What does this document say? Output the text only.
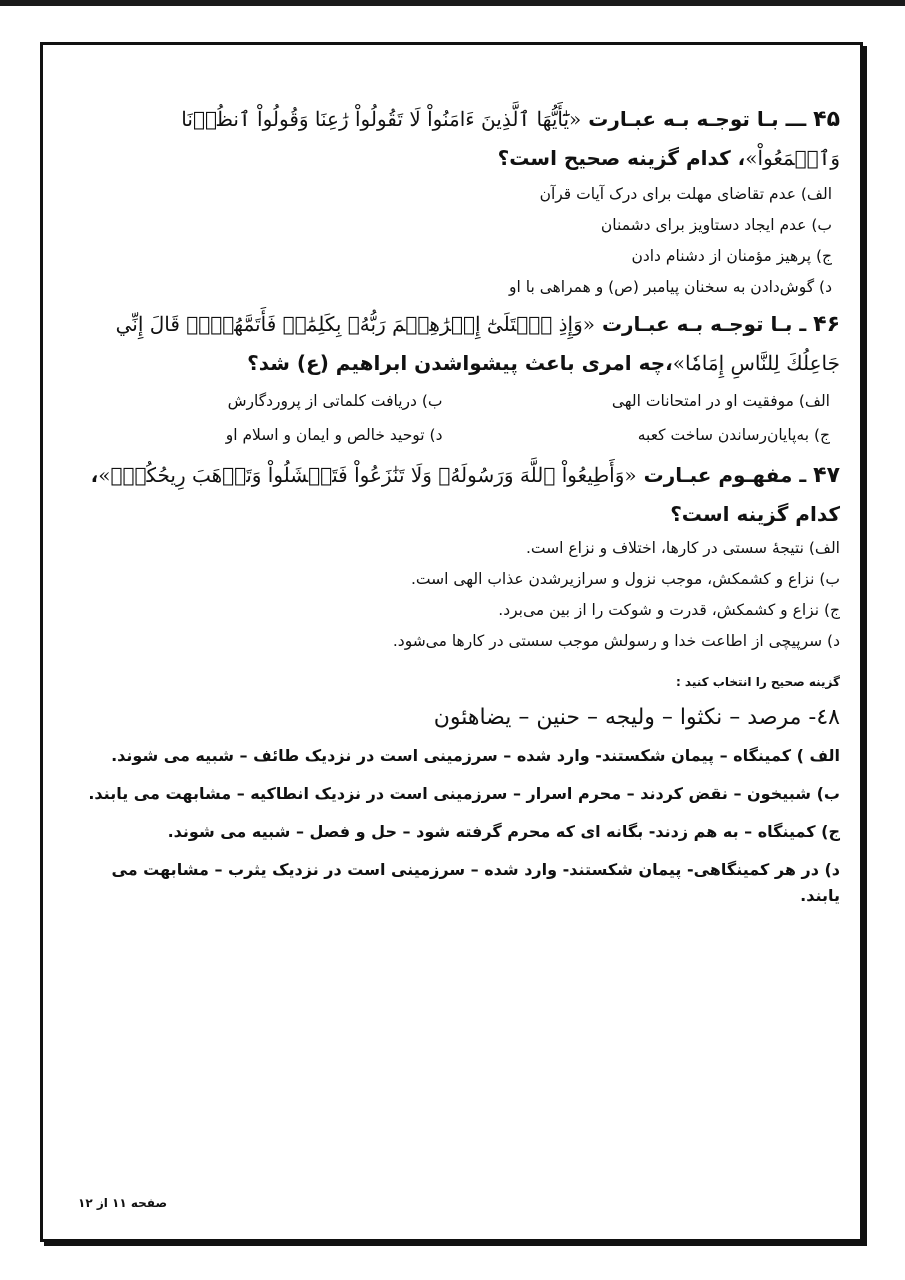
۴۵ ـــ بـا توجـه بـه عبـارت «يَٰٓأَيُّهَا ٱلَّذِينَ ءَامَنُواْ لَا تَقُولُواْ رَٰعِنَا وَقُولُواْ ٱنظُرۡنَا وَٱسۡمَعُواْ»، کدام گزینه صحیح است؟

الف) عدم تقاضای مهلت برای درک آیات قرآن

ب) عدم ایجاد دستاویز برای دشمنان

ج) پرهیز مؤمنان از دشنام دادن

د) گوش‌دادن به سخنان پیامبر (ص) و همراهی با او

۴۶ ـ بـا توجـه بـه عبـارت «وَإِذِ ٱبۡتَلَىٰٓ إِبۡرَٰهِـۧمَ رَبُّهُۥ بِكَلِمَٰتٖ فَأَتَمَّهُنَّۖ قَالَ إِنِّي جَاعِلُكَ لِلنَّاسِ إِمَامٗا»،چه امری باعث پیشواشدن ابراهیم (ع) شد؟

الف) موفقیت او در امتحانات الهی
ب) دریافت کلماتی از پروردگارش
ج) به‌پایان‌رساندن ساخت کعبه
د) توحید خالص و ایمان و اسلام او

۴۷ ـ مفهـوم عبـارت «وَأَطِيعُواْ ٱللَّهَ وَرَسُولَهُۥ وَلَا تَنَٰزَعُواْ فَتَفۡشَلُواْ وَتَذۡهَبَ رِيحُكُمۡۖ»، کدام گزینه است؟

الف) نتیجهٔ سستی در کارها، اختلاف و نزاع است.

ب) نزاع و کشمکش، موجب نزول و سرازیرشدن عذاب الهی است.

ج) نزاع و کشمکش، قدرت و شوکت را از بین می‌برد.

د) سرپیچی از اطاعت خدا و رسولش موجب سستی در کارها می‌شود.

گزینه صحیح را انتخاب کنید :

٤٨- مرصد – نكثوا – وليجه – حنين – يضاهئون

الف ) کمینگاه – پیمان شکستند- وارد شده – سرزمینی است در نزدیک طائف – شبیه می شوند.

ب) شبیخون – نقض کردند – محرم اسرار – سرزمینی است در نزدیک انطاکیه – مشابهت می یابند.

ج) کمینگاه – به هم زدند- بگانه ای که محرم گرفته شود – حل و فصل – شبیه می شوند.

د) در هر کمینگاهی- پیمان شکستند- وارد شده – سرزمینی است در نزدیک یثرب – مشابهت می یابند.

صفحه ۱۱ از ۱۲
